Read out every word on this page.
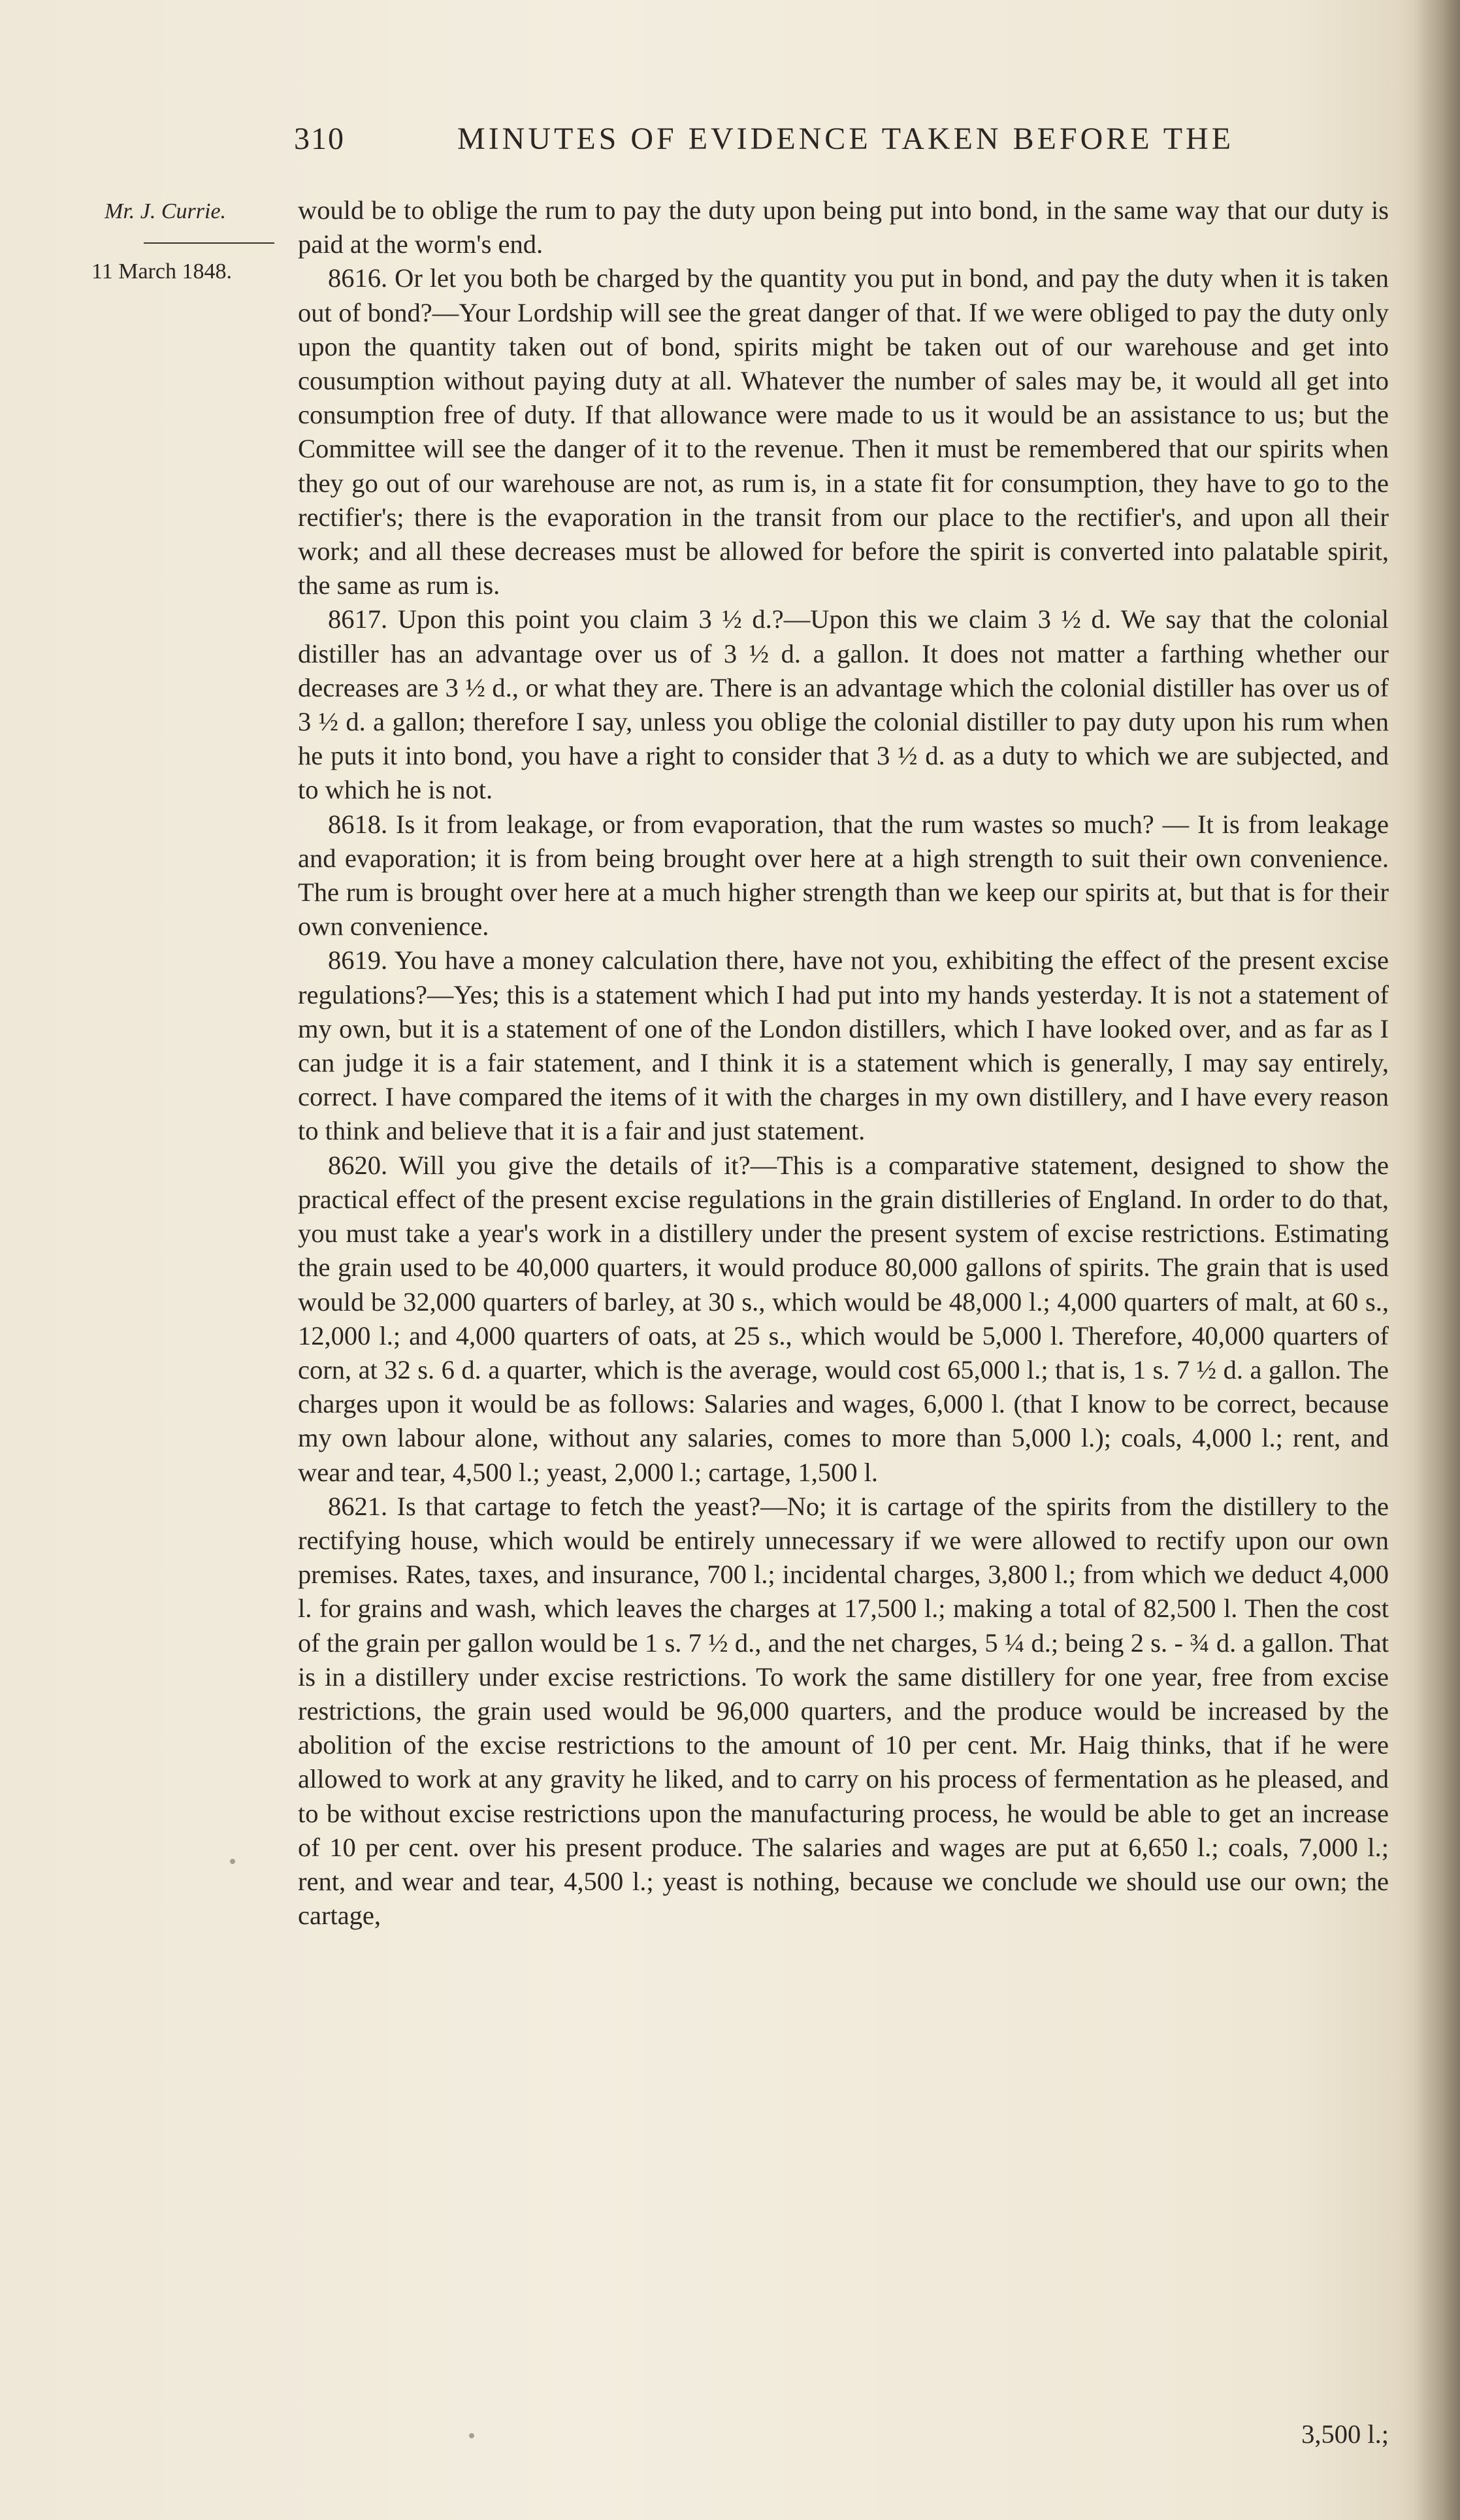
310	MINUTES OF EVIDENCE TAKEN BEFORE THE
Mr. J. Currie.
11 March 1848.

would be to oblige the rum to pay the duty upon being put into bond, in the same way that our duty is paid at the worm's end.

8616. Or let you both be charged by the quantity you put in bond, and pay the duty when it is taken out of bond?—Your Lordship will see the great danger of that. If we were obliged to pay the duty only upon the quantity taken out of bond, spirits might be taken out of our warehouse and get into cousumption without paying duty at all. Whatever the number of sales may be, it would all get into consumption free of duty. If that allowance were made to us it would be an assistance to us; but the Committee will see the danger of it to the revenue. Then it must be remembered that our spirits when they go out of our warehouse are not, as rum is, in a state fit for consumption, they have to go to the rectifier's; there is the evaporation in the transit from our place to the rectifier's, and upon all their work; and all these decreases must be allowed for before the spirit is converted into palatable spirit, the same as rum is.

8617. Upon this point you claim 3 ½ d.?—Upon this we claim 3 ½ d. We say that the colonial distiller has an advantage over us of 3 ½ d. a gallon. It does not matter a farthing whether our decreases are 3 ½ d., or what they are. There is an advantage which the colonial distiller has over us of 3 ½ d. a gallon; therefore I say, unless you oblige the colonial distiller to pay duty upon his rum when he puts it into bond, you have a right to consider that 3 ½ d. as a duty to which we are subjected, and to which he is not.

8618. Is it from leakage, or from evaporation, that the rum wastes so much? — It is from leakage and evaporation; it is from being brought over here at a high strength to suit their own convenience. The rum is brought over here at a much higher strength than we keep our spirits at, but that is for their own convenience.

8619. You have a money calculation there, have not you, exhibiting the effect of the present excise regulations?—Yes; this is a statement which I had put into my hands yesterday. It is not a statement of my own, but it is a statement of one of the London distillers, which I have looked over, and as far as I can judge it is a fair statement, and I think it is a statement which is generally, I may say entirely, correct. I have compared the items of it with the charges in my own distillery, and I have every reason to think and believe that it is a fair and just statement.

8620. Will you give the details of it?—This is a comparative statement, designed to show the practical effect of the present excise regulations in the grain distilleries of England. In order to do that, you must take a year's work in a distillery under the present system of excise restrictions. Estimating the grain used to be 40,000 quarters, it would produce 80,000 gallons of spirits. The grain that is used would be 32,000 quarters of barley, at 30 s., which would be 48,000 l.; 4,000 quarters of malt, at 60 s., 12,000 l.; and 4,000 quarters of oats, at 25 s., which would be 5,000 l. Therefore, 40,000 quarters of corn, at 32 s. 6 d. a quarter, which is the average, would cost 65,000 l.; that is, 1 s. 7 ½ d. a gallon. The charges upon it would be as follows: Salaries and wages, 6,000 l. (that I know to be correct, because my own labour alone, without any salaries, comes to more than 5,000 l.); coals, 4,000 l.; rent, and wear and tear, 4,500 l.; yeast, 2,000 l.; cartage, 1,500 l.

8621. Is that cartage to fetch the yeast?—No; it is cartage of the spirits from the distillery to the rectifying house, which would be entirely unnecessary if we were allowed to rectify upon our own premises. Rates, taxes, and insurance, 700 l.; incidental charges, 3,800 l.; from which we deduct 4,000 l. for grains and wash, which leaves the charges at 17,500 l.; making a total of 82,500 l. Then the cost of the grain per gallon would be 1 s. 7 ½ d., and the net charges, 5 ¼ d.; being 2 s. - ¾ d. a gallon. That is in a distillery under excise restrictions. To work the same distillery for one year, free from excise restrictions, the grain used would be 96,000 quarters, and the produce would be increased by the abolition of the excise restrictions to the amount of 10 per cent. Mr. Haig thinks, that if he were allowed to work at any gravity he liked, and to carry on his process of fermentation as he pleased, and to be without excise restrictions upon the manufacturing process, he would be able to get an increase of 10 per cent. over his present produce. The salaries and wages are put at 6,650 l.; coals, 7,000 l.; rent, and wear and tear, 4,500 l.; yeast is nothing, because we conclude we should use our own; the cartage,

3,500 l.;
